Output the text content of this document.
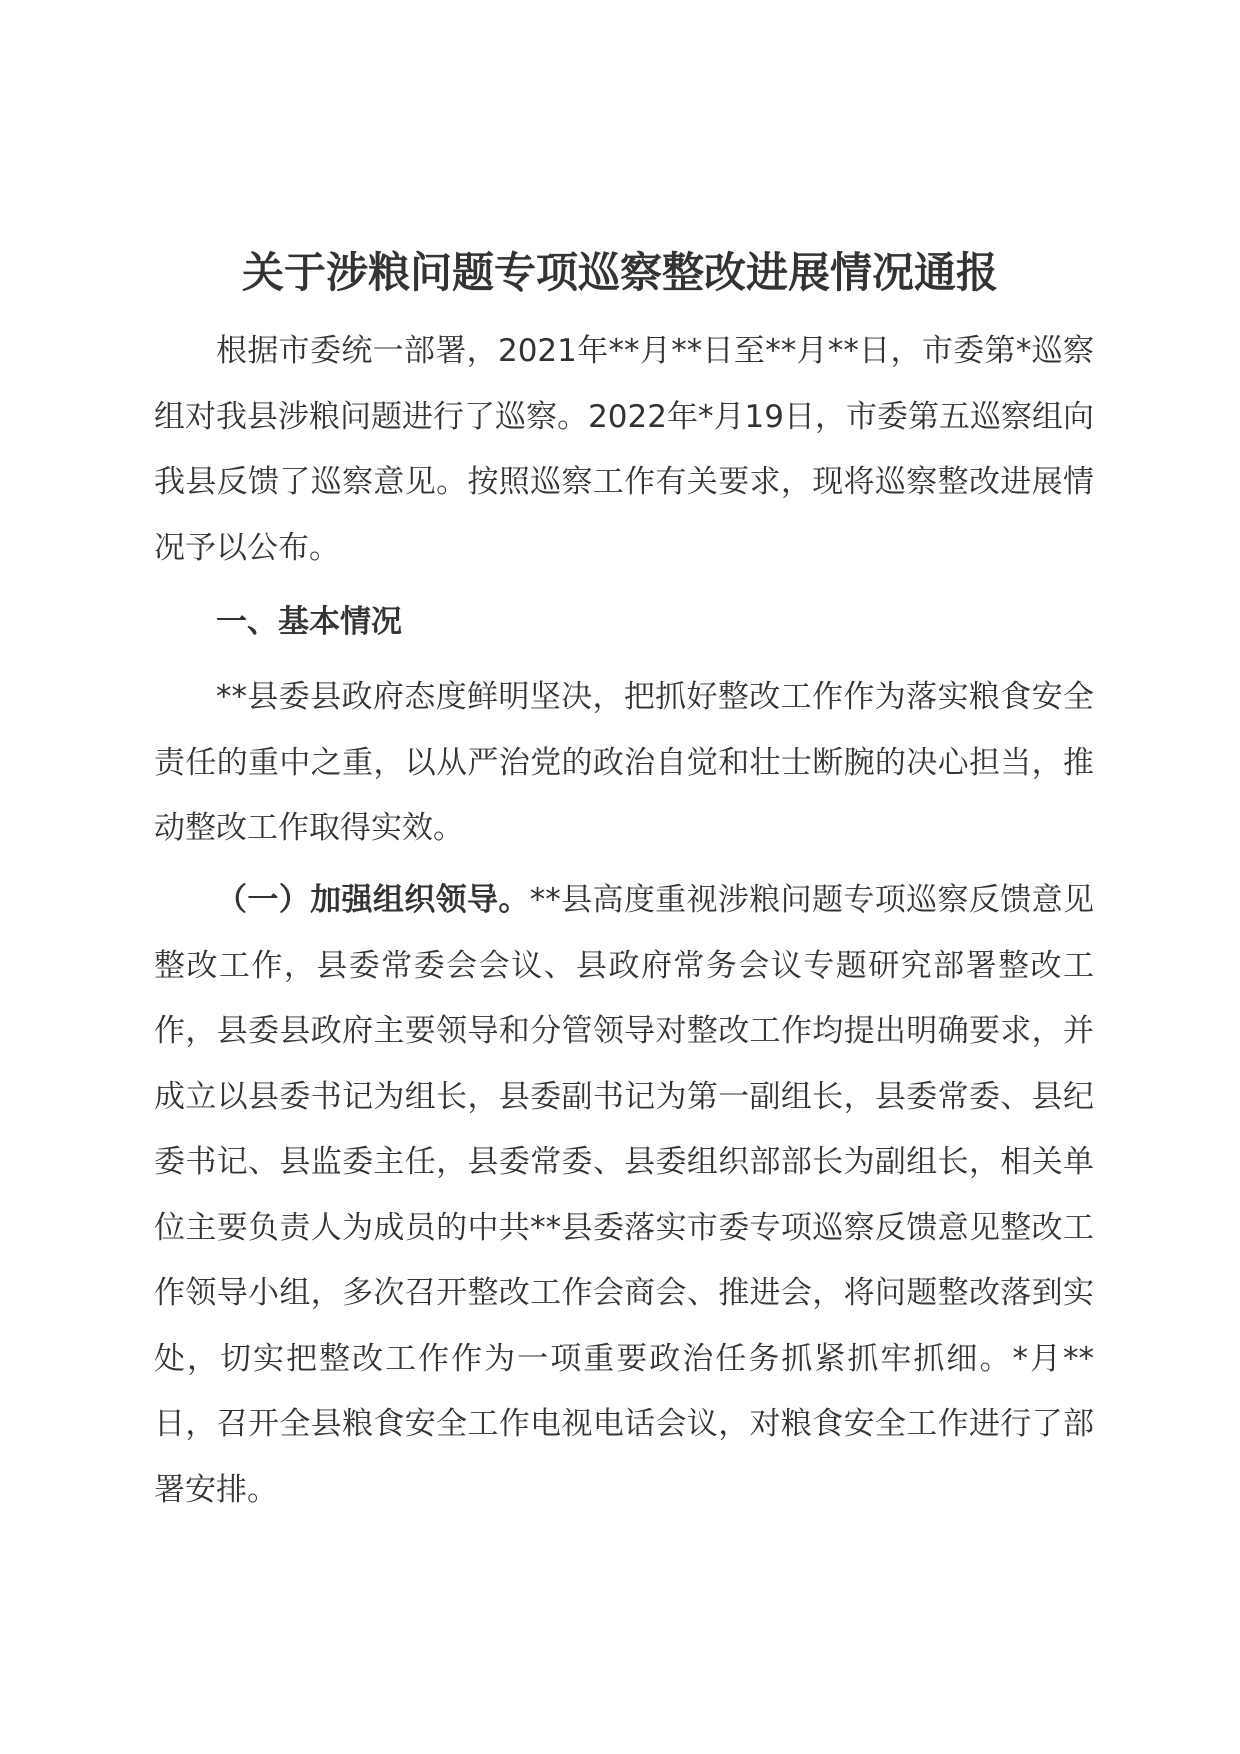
关于涉粮问题专项巡察整改进展情况通报

根据市委统一部署，2021年**月**日至**月**日，市委第*巡察组对我县涉粮问题进行了巡察。2022年*月19日，市委第五巡察组向我县反馈了巡察意见。按照巡察工作有关要求，现将巡察整改进展情况予以公布。

一、基本情况

**县委县政府态度鲜明坚决，把抓好整改工作作为落实粮食安全责任的重中之重，以从严治党的政治自觉和壮士断腕的决心担当，推动整改工作取得实效。

（一）加强组织领导。**县高度重视涉粮问题专项巡察反馈意见整改工作，县委常委会会议、县政府常务会议专题研究部署整改工作，县委县政府主要领导和分管领导对整改工作均提出明确要求，并成立以县委书记为组长，县委副书记为第一副组长，县委常委、县纪委书记、县监委主任，县委常委、县委组织部部长为副组长，相关单位主要负责人为成员的中共**县委落实市委专项巡察反馈意见整改工作领导小组，多次召开整改工作会商会、推进会，将问题整改落到实处，切实把整改工作作为一项重要政治任务抓紧抓牢抓细。*月**日，召开全县粮食安全工作电视电话会议，对粮食安全工作进行了部署安排。
